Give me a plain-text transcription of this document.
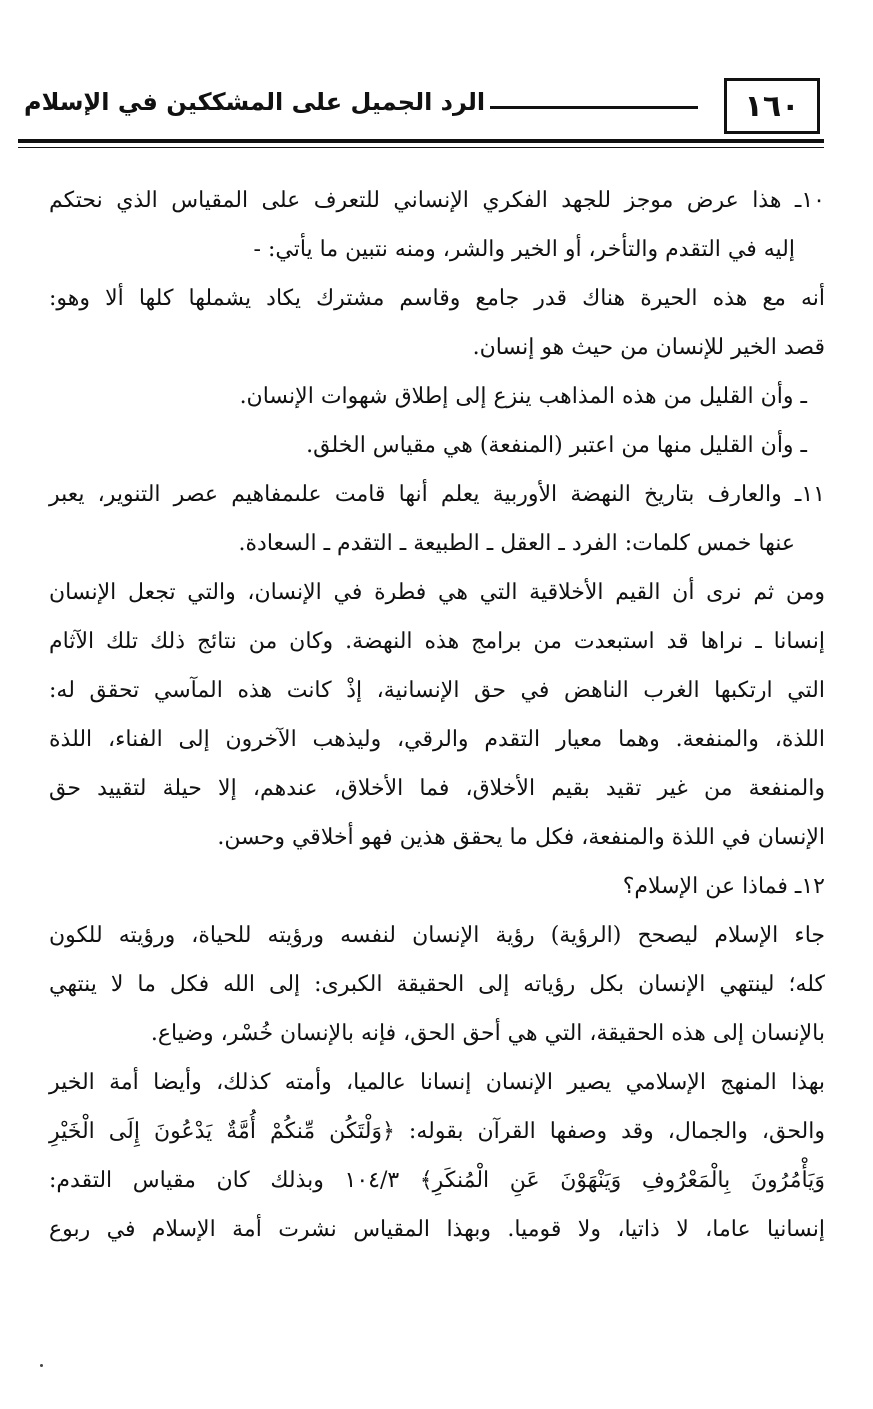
١٦٠
الرد الجميل على المشككين في الإسلام
١٠ـ هذا عرض موجز للجهد الفكري الإنساني للتعرف على المقياس الذي نحتكم
إليه في التقدم والتأخر، أو الخير والشر، ومنه نتبين ما يأتي: -
أنه مع هذه الحيرة هناك قدر جامع وقاسم مشترك يكاد يشملها كلها ألا وهو:
قصد الخير للإنسان من حيث هو إنسان.
ـ وأن القليل من هذه المذاهب ينزع إلى إطلاق شهوات الإنسان.
ـ وأن القليل منها من اعتبر (المنفعة) هي مقياس الخلق.
١١ـ والعارف بتاريخ النهضة الأوربية يعلم أنها قامت علىمفاهيم عصر التنوير، يعبر
عنها خمس كلمات: الفرد ـ العقل ـ الطبيعة ـ التقدم ـ السعادة.
ومن ثم نرى أن القيم الأخلاقية التي هي فطرة في الإنسان، والتي تجعل الإنسان
إنسانا ـ نراها قد استبعدت من برامج هذه النهضة. وكان من نتائج ذلك تلك الآثام
التي ارتكبها الغرب الناهض في حق الإنسانية، إذْ كانت هذه المآسي تحقق له:
اللذة، والمنفعة. وهما معيار التقدم والرقي، وليذهب الآخرون إلى الفناء، اللذة
والمنفعة من غير تقيد بقيم الأخلاق، فما الأخلاق، عندهم، إلا حيلة لتقييد حق
الإنسان في اللذة والمنفعة، فكل ما يحقق هذين فهو أخلاقي وحسن.
١٢ـ فماذا عن الإسلام؟
جاء الإسلام ليصحح (الرؤية) رؤية الإنسان لنفسه ورؤيته للحياة، ورؤيته للكون
كله؛ لينتهي الإنسان بكل رؤياته إلى الحقيقة الكبرى: إلى الله فكل ما لا ينتهي
بالإنسان إلى هذه الحقيقة، التي هي أحق الحق، فإنه بالإنسان خُسْر، وضياع.
بهذا المنهج الإسلامي يصير الإنسان إنسانا عالميا، وأمته كذلك، وأيضا أمة الخير
والحق، والجمال، وقد وصفها القرآن بقوله: ﴿وَلْتَكُن مِّنكُمْ أُمَّةٌ يَدْعُونَ إِلَى الْخَيْرِ
وَيَأْمُرُونَ بِالْمَعْرُوفِ وَيَنْهَوْنَ عَنِ الْمُنكَرِ﴾ ١٠٤/٣ وبذلك كان مقياس التقدم:
إنسانيا عاما، لا ذاتيا، ولا قوميا. وبهذا المقياس نشرت أمة الإسلام في ربوع
